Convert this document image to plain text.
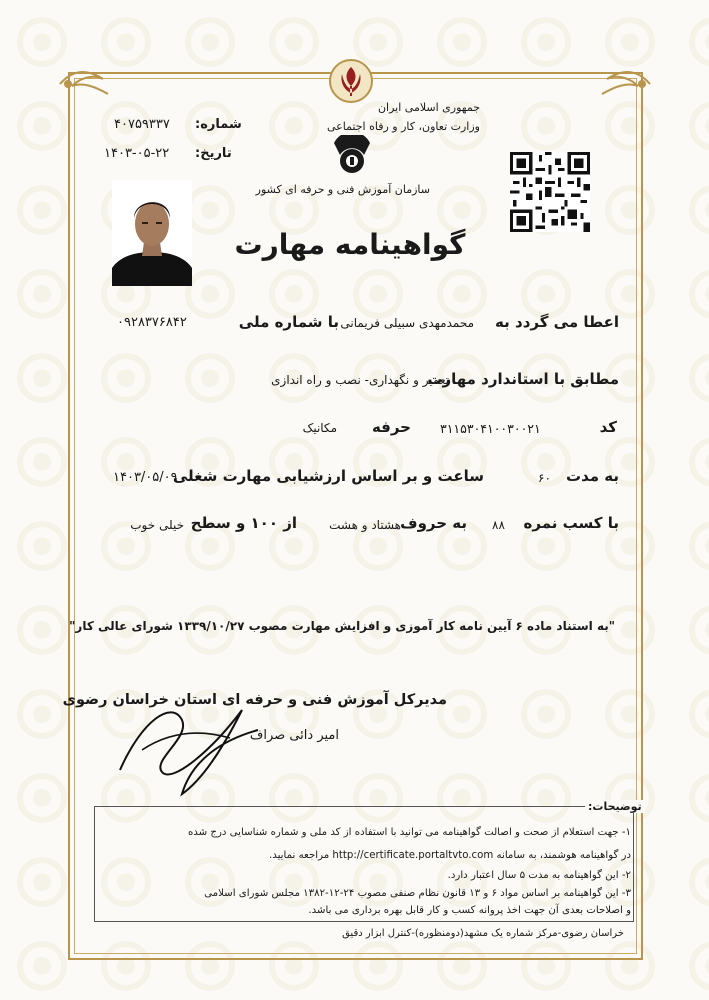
جمهوری اسلامی ایران
وزارت تعاون، کار و رفاه اجتماعی
سازمان آموزش فنی و حرفه ای کشور
شماره:
۴۰۷۵۹۳۳۷
تاریخ:
۱۴۰۳-۰۵-۲۲
گواهینامه مهارت
اعطا می گردد به
محمدمهدی سبیلی فریمانی
با شماره ملی
۰۹۲۸۳۷۶۸۴۲
مطابق با استاندارد مهارت
تعمیر و نگهداری- نصب و راه اندازی
کد
۳۱۱۵۳۰۴۱۰۰۳۰۰۲۱
حرفه
مکانیک
به مدت
۶۰
ساعت و بر اساس ارزشیابی مهارت شغلی
۱۴۰۳/۰۵/۰۹
با کسب نمره
۸۸
به حروف
هشتاد و هشت
از ۱۰۰ و سطح
خیلی خوب
"به استناد ماده ۶ آیین نامه کار آموزی و افزایش مهارت مصوب ۱۳۳۹/۱۰/۲۷ شورای عالی کار"
مدیرکل آموزش فنی و حرفه ای استان خراسان رضوی
امیر دائی صراف
توضیحات:
۱- جهت استعلام از صحت و اصالت گواهینامه می توانید با استفاده از کد ملی و شماره شناسایی درج شده
در گواهینامه هوشمند، به سامانه http://certificate.portaltvto.com مراجعه نمایید.
۲- این گواهینامه به مدت ۵ سال اعتبار دارد.
۳- این گواهینامه بر اساس مواد ۶ و ۱۳ قانون نظام صنفی مصوب ۲۴-۱۲-۱۳۸۲ مجلس شورای اسلامی
و اصلاحات بعدی آن جهت اخذ پروانه کسب و کار قابل بهره برداری می باشد.
خراسان رضوی-مرکز شماره یک مشهد(دومنظوره)-کنترل ابزار دقیق
